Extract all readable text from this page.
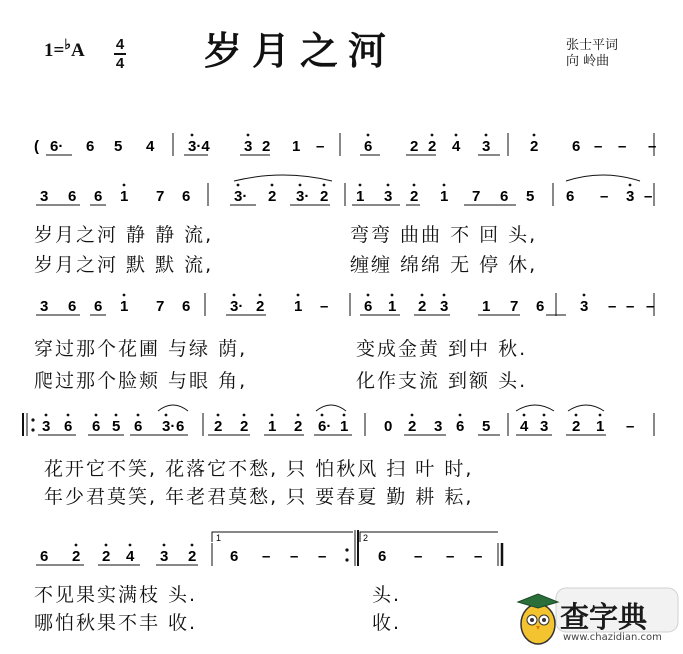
1=♭A 4
4 岁月之河	张士平词
向 岭曲
1	2
( 6· 6 5 4 3·4 3 2 1 –	6	2 2 4 3	2 6 – – –
3 6 6 1 7 6	3· 2 3· 2 1 3 2 1 7 6 5 6 – 3 –
3 6 6 1 7 6	3· 2 1 – 6 1 2 3 1 7 6 3 – – –
3 6 6 5 6 3· 6 2 2 1 2 6· 1 0 2 3 6 5 4 3 2 1 –
6 2 2 4 3 2 6 – – –	6 – – –
岁月之河 静 静 流,	弯弯 曲曲 不 回 头,
岁月之河 默 默 流,	缠缠 绵绵 无 停 休,
穿过那个花圃 与绿 荫,	变成金黄 到中 秋.
爬过那个脸颊 与眼 角,	化作支流 到额 头.
花开它不笑, 花落它不愁, 只 怕秋风 扫 叶 时,
年少君莫笑, 年老君莫愁, 只 要春夏 勤 耕 耘,
不见果实满枝 头.	头.
哪怕秋果不丰 收.	收.	查字典
www.chazidian.com
